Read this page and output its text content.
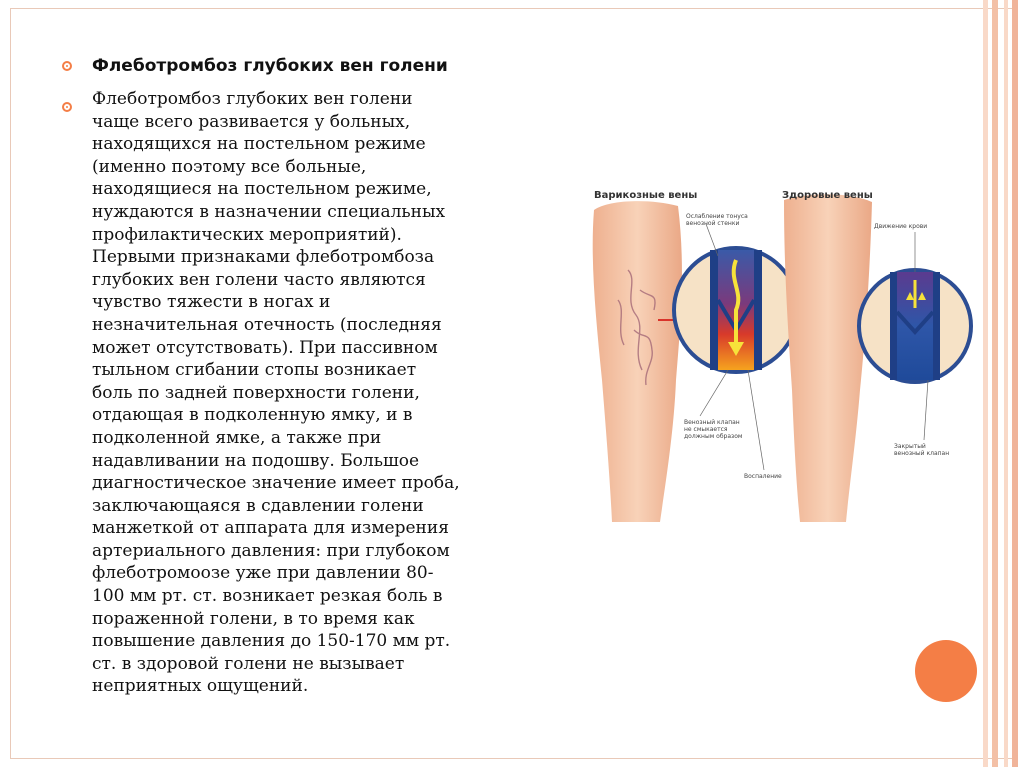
Флеботромбоз глубоких вен голени
Флеботромбоз глубоких вен голени
чаще всего развивается у больных,
находящихся на постельном режиме
(именно поэтому все больные,
находящиеся на постельном режиме,
нуждаются в назначении специальных
профилактических мероприятий).
Первыми признаками флеботромбоза
глубоких вен голени часто являются
чувство тяжести в ногах и
незначительная отечность (последняя
может отсутствовать). При пассивном
тыльном сгибании стопы возникает
боль по задней поверхности голени,
отдающая в подколенную ямку, и в
подколенной ямке, а также при
надавливании на подошву. Большое
диагностическое значение имеет проба,
заключающаяся в сдавлении голени
манжеткой от аппарата для измерения
артериального давления: при глубоком
флеботромоозе уже при давлении 80-
100 мм рт. ст. возникает резкая боль в
пораженной голени, в то время как
повышение давления до 150-170 мм рт.
ст. в здоровой голени не вызывает
неприятных ощущений.
Варикозные вены	Здоровые вены
Ослабление тонуса венозной стенки	Движение крови
Венозный клапан не смыкается должным образом
Воспаление
Закрытый венозный клапан
